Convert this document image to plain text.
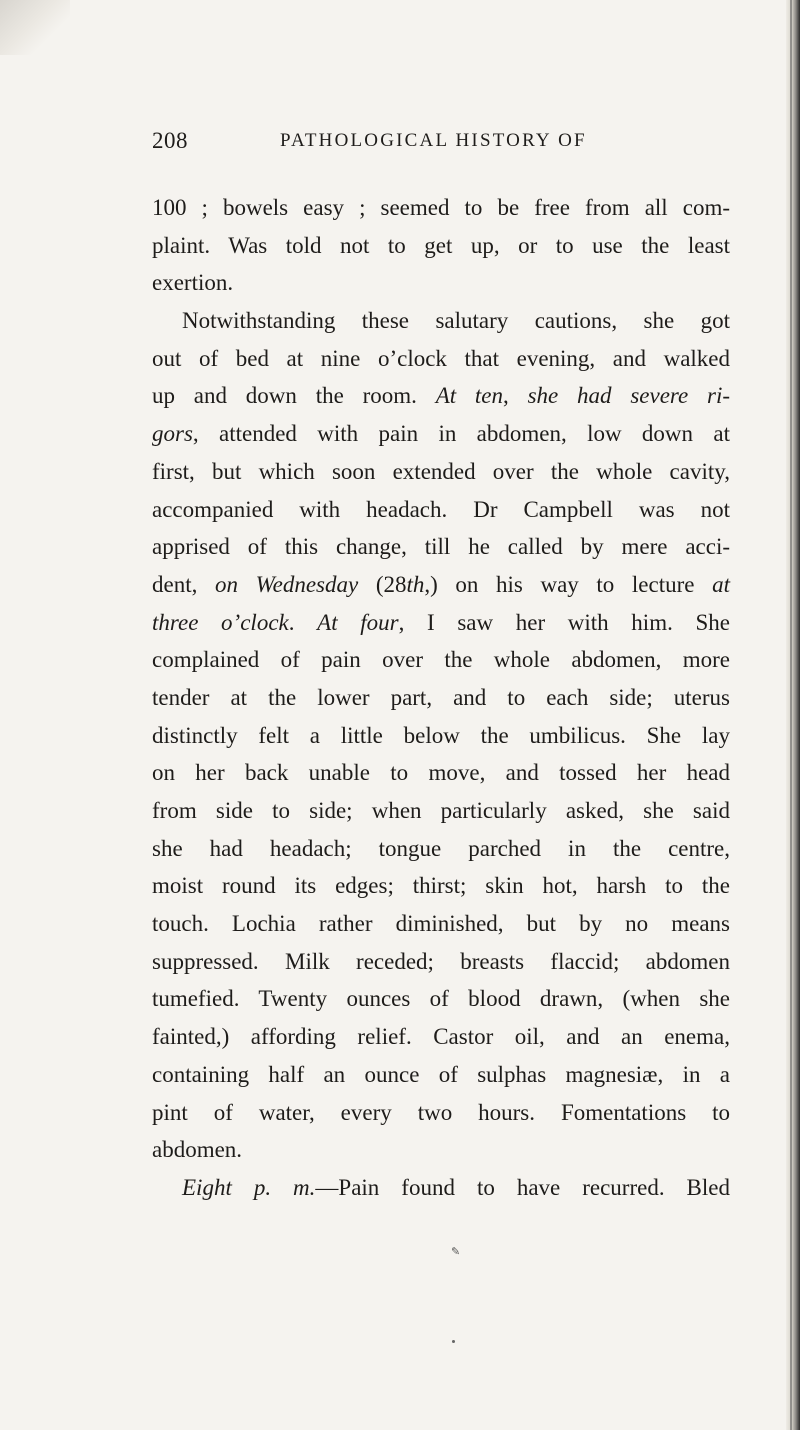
208	PATHOLOGICAL HISTORY OF
100 ; bowels easy ; seemed to be free from all com-
plaint. Was told not to get up, or to use the least
exertion.
Notwithstanding these salutary cautions, she got
out of bed at nine o’clock that evening, and walked
up and down the room. At ten, she had severe ri-
gors, attended with pain in abdomen, low down at
first, but which soon extended over the whole cavity,
accompanied with headach. Dr Campbell was not
apprised of this change, till he called by mere acci-
dent, on Wednesday (28th,) on his way to lecture at
three o’clock. At four, I saw her with him. She
complained of pain over the whole abdomen, more
tender at the lower part, and to each side; uterus
distinctly felt a little below the umbilicus. She lay
on her back unable to move, and tossed her head
from side to side; when particularly asked, she said
she had headach; tongue parched in the centre,
moist round its edges; thirst; skin hot, harsh to the
touch. Lochia rather diminished, but by no means
suppressed. Milk receded; breasts flaccid; abdomen
tumefied. Twenty ounces of blood drawn, (when she
fainted,) affording relief. Castor oil, and an enema,
containing half an ounce of sulphas magnesiæ, in a
pint of water, every two hours. Fomentations to
abdomen.
Eight p. m.—Pain found to have recurred. Bled
✎
